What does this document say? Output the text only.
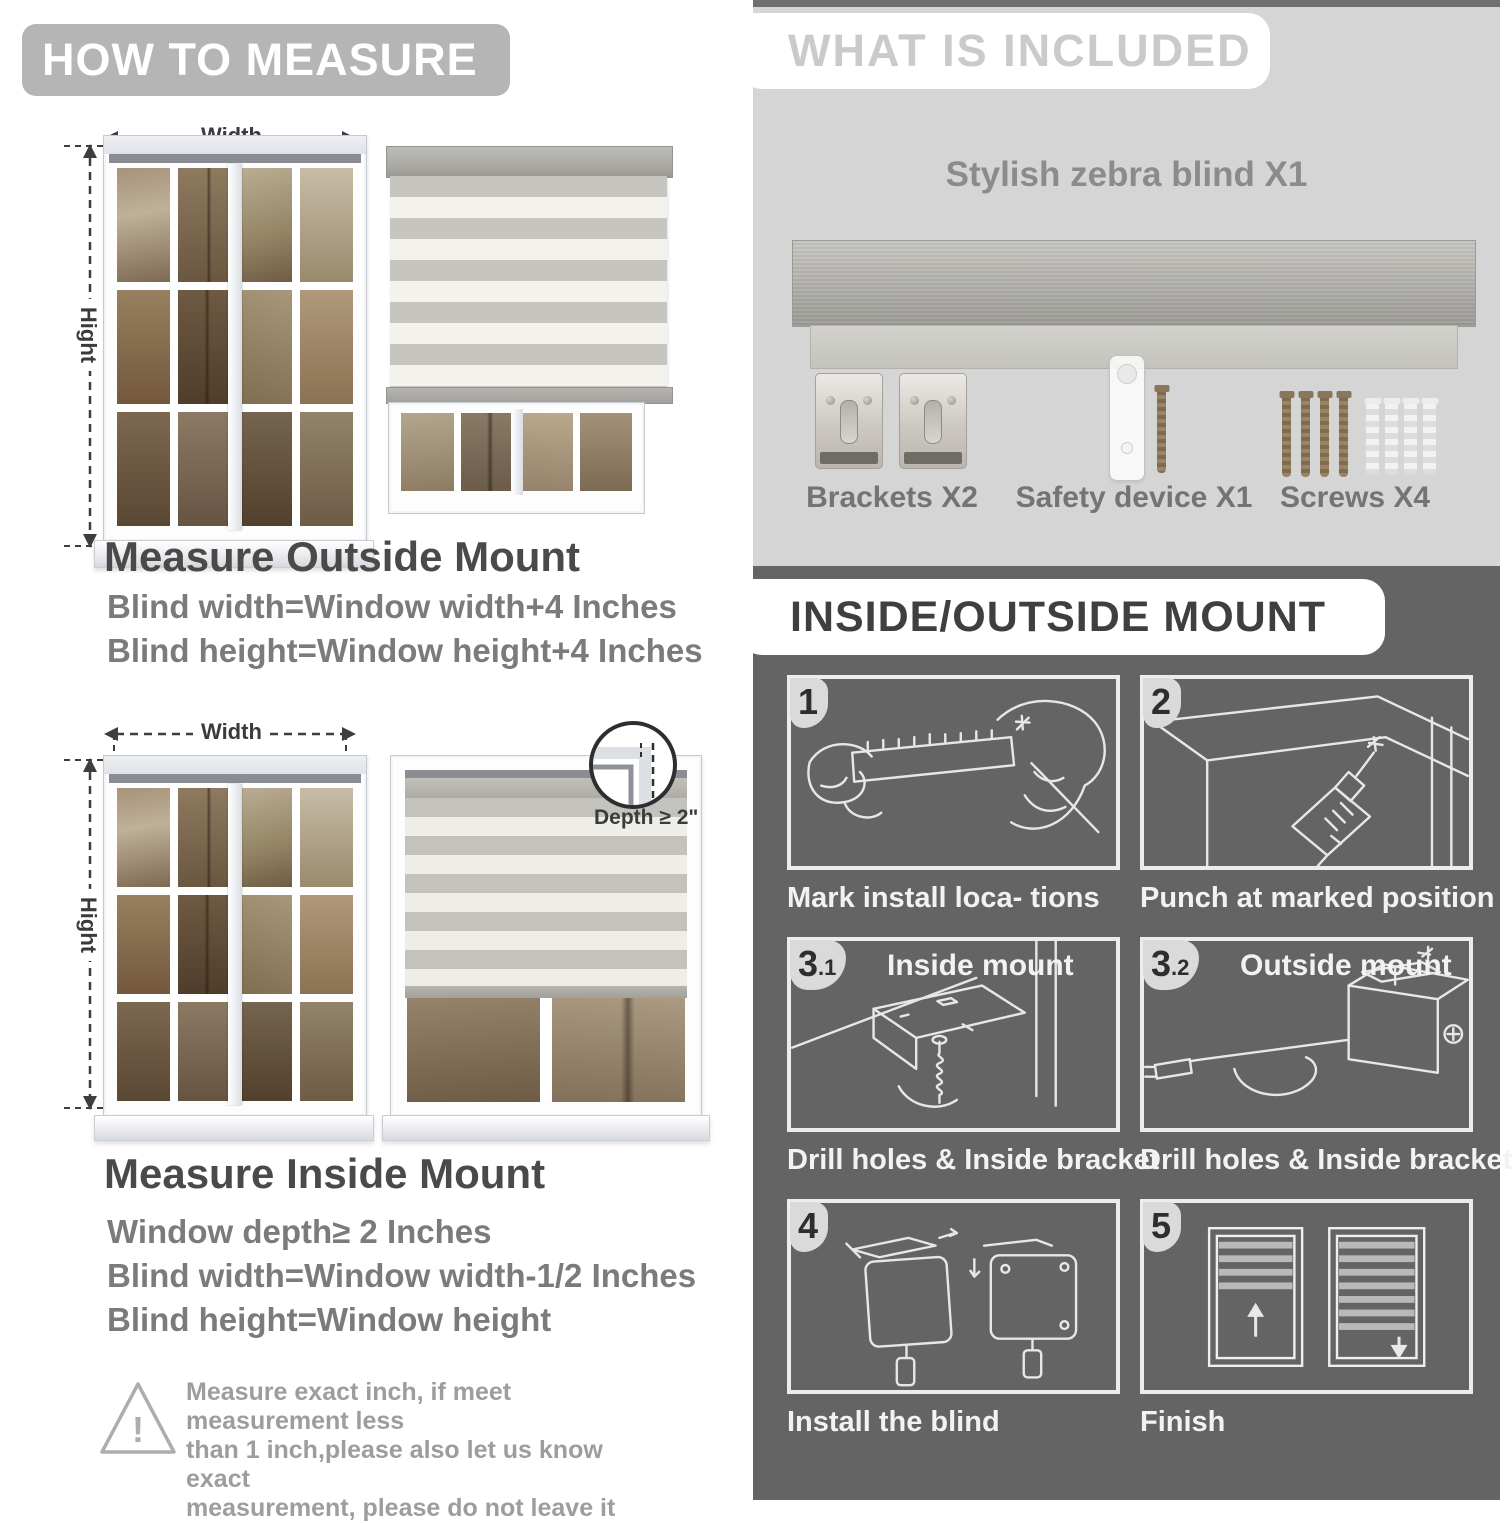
HOW TO MEASURE
Hight
Measure Outside Mount
Blind width=Window width+4 Inches
Blind height=Window height+4 Inches
Width
Hight
Depth ≥ 2"
Measure Inside Mount
Window depth≥ 2 Inches
Blind width=Window width-1/2 Inches
Blind height=Window height
!
Measure exact inch, if meet measurement less
than 1 inch,please also let us know exact
measurement, please do not leave it
WHAT IS INCLUDED
Stylish zebra blind X1
Brackets X2 Safety device X1 Screws X4
INSIDE/OUTSIDE MOUNT
1
Mark install loca- tions
2
Punch at marked position
3 .1 Inside mount
Drill holes & Inside bracket
3 .2 Outside mount
Drill holes & Inside bracket
4
Install the blind
5
Finish
